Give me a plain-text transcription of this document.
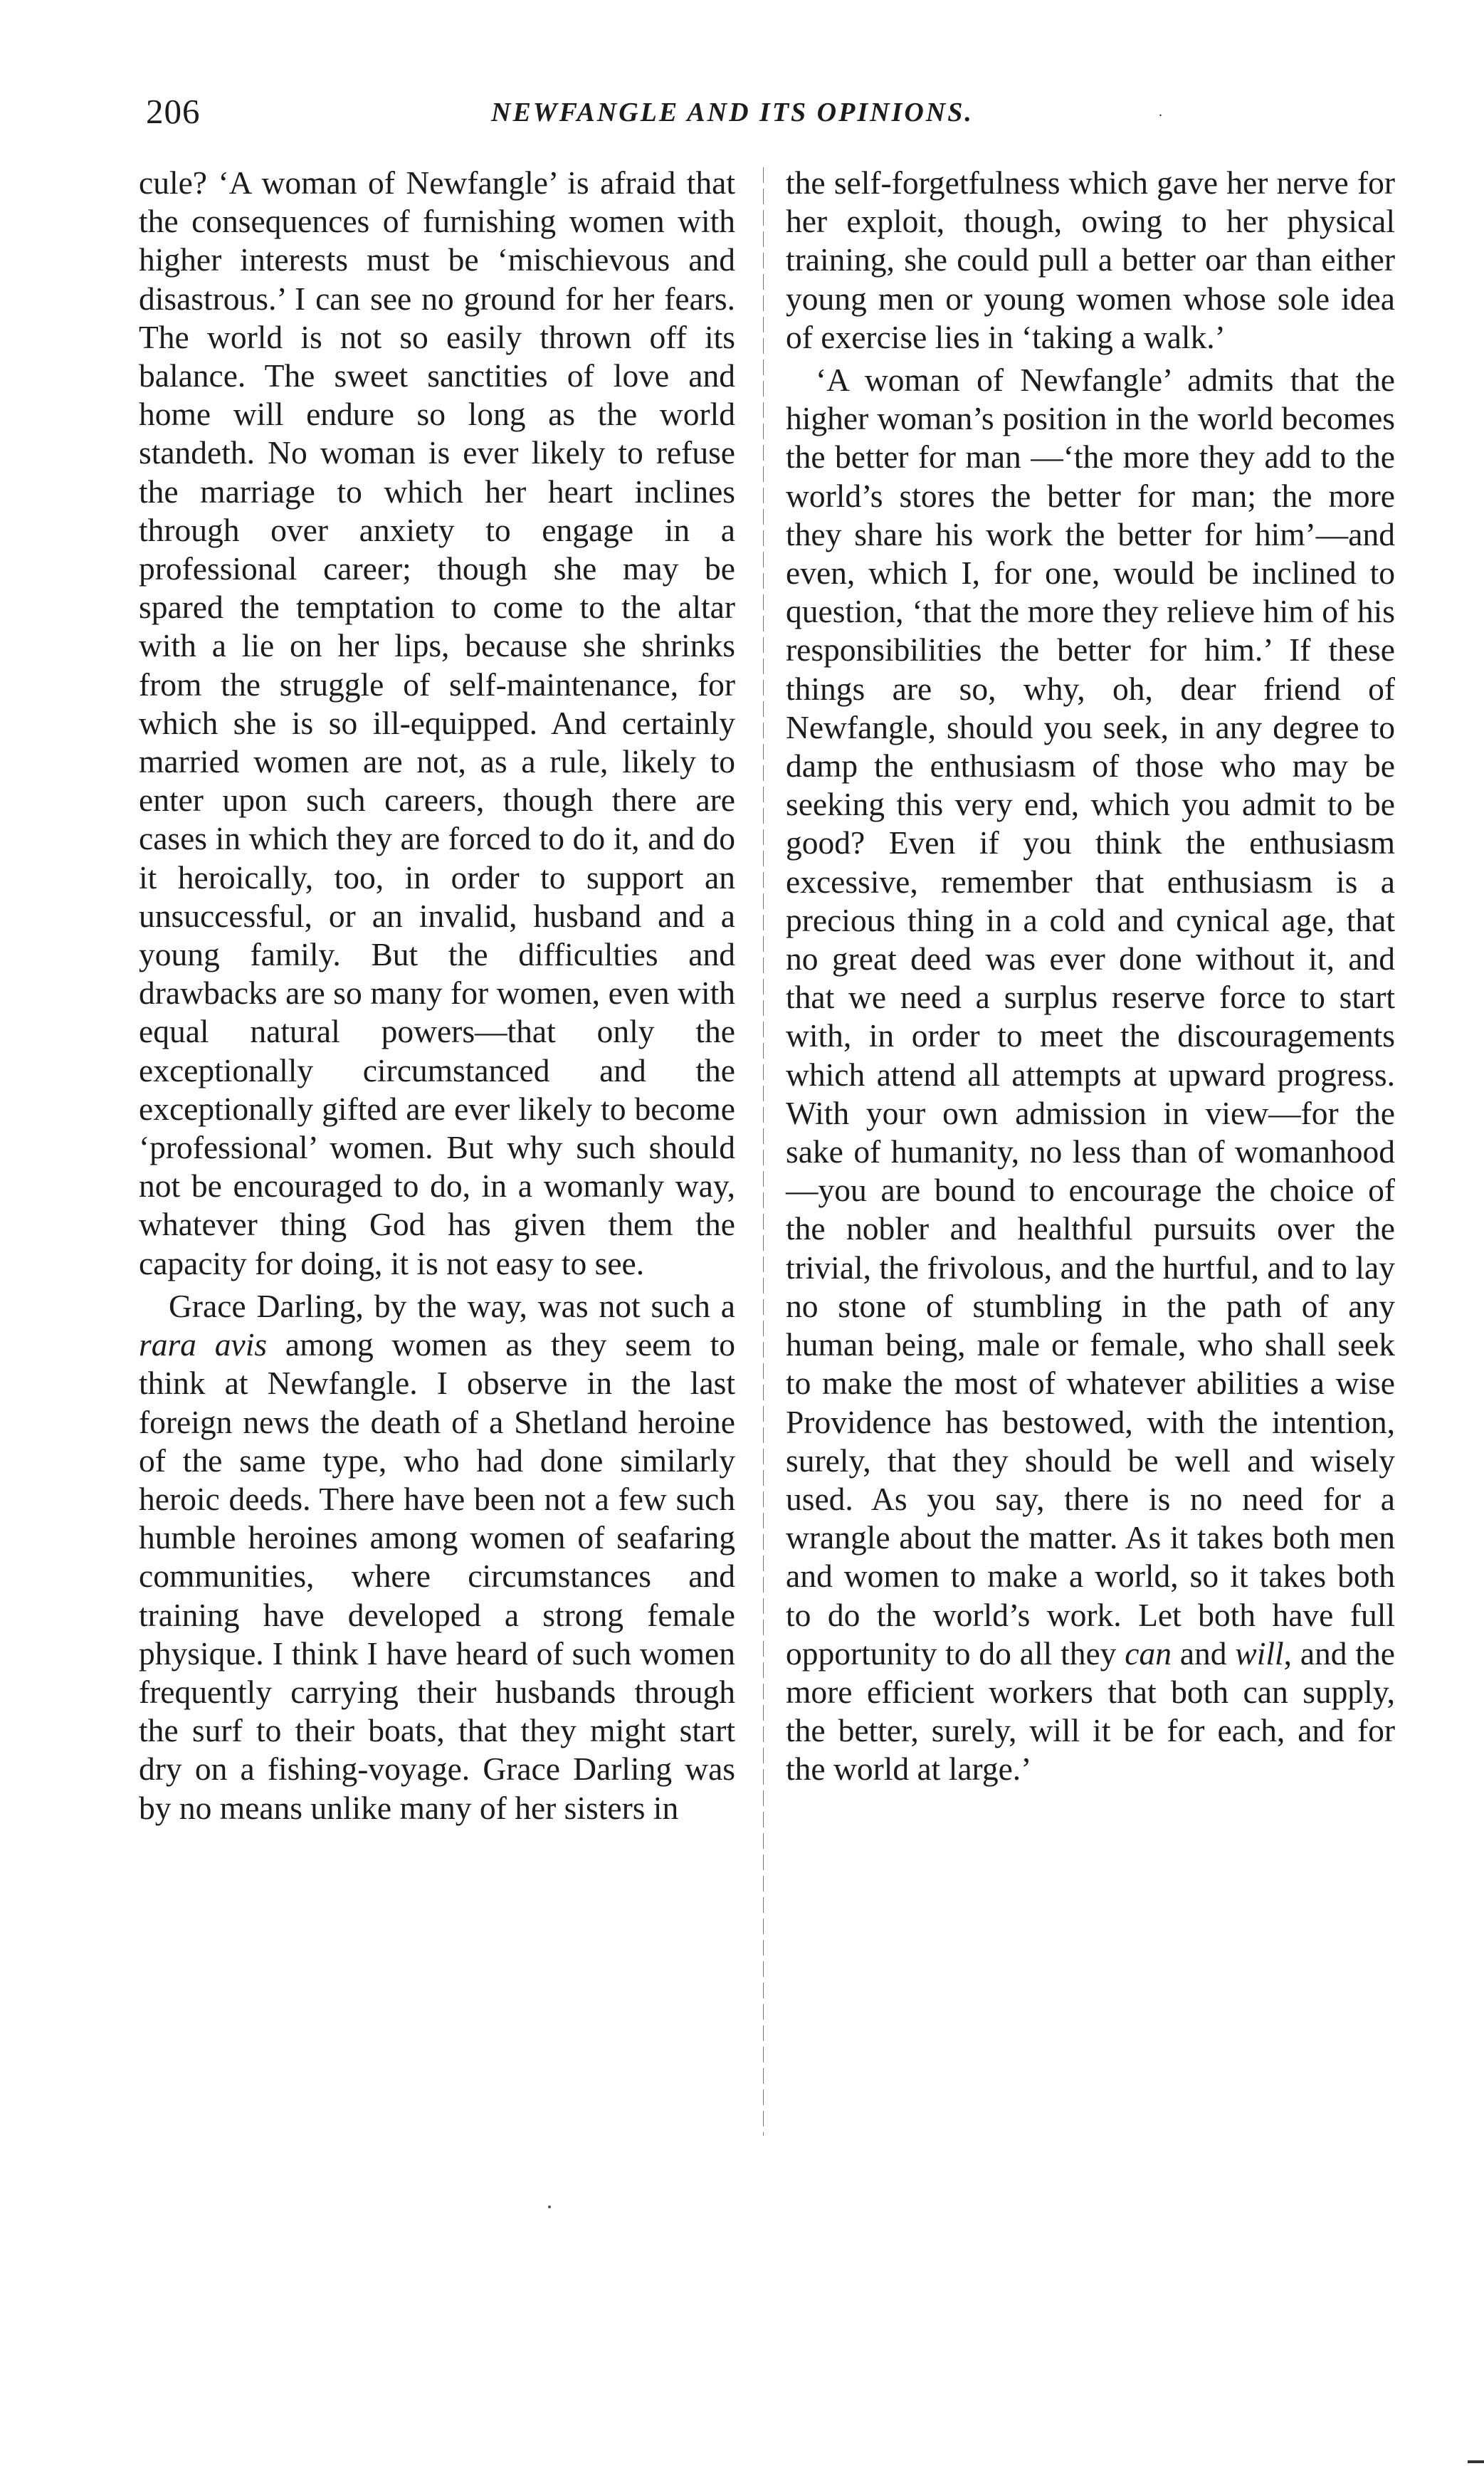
206	NEWFANGLE AND ITS OPINIONS.	.

cule? ‘A woman of Newfangle’ is afraid that the consequences of furnishing women with higher interests must be ‘mischievous and disastrous.’ I can see no ground for her fears. The world is not so easily thrown off its balance. The sweet sanctities of love and home will endure so long as the world standeth. No woman is ever likely to refuse the marriage to which her heart inclines through over anxiety to engage in a professional career; though she may be spared the temptation to come to the altar with a lie on her lips, because she shrinks from the struggle of self-maintenance, for which she is so ill-equipped. And certainly married women are not, as a rule, likely to enter upon such careers, though there are cases in which they are forced to do it, and do it heroically, too, in order to support an unsuccessful, or an invalid, husband and a young family. But the difficulties and drawbacks are so many for women, even with equal natural powers—that only the exceptionally circumstanced and the exceptionally gifted are ever likely to become ‘professional’ women. But why such should not be encouraged to do, in a womanly way, whatever thing God has given them the capacity for doing, it is not easy to see.

Grace Darling, by the way, was not such a rara avis among women as they seem to think at Newfangle. I observe in the last foreign news the death of a Shetland heroine of the same type, who had done similarly heroic deeds. There have been not a few such humble heroines among women of seafaring communities, where circumstances and training have developed a strong female physique. I think I have heard of such women frequently carrying their husbands through the surf to their boats, that they might start dry on a fishing-voyage. Grace Darling was by no means unlike many of her sisters in

the self-forgetfulness which gave her nerve for her exploit, though, owing to her physical training, she could pull a better oar than either young men or young women whose sole idea of exercise lies in ‘taking a walk.’

‘A woman of Newfangle’ admits that the higher woman’s position in the world becomes the better for man —‘the more they add to the world’s stores the better for man; the more they share his work the better for him’—and even, which I, for one, would be inclined to question, ‘that the more they relieve him of his responsibilities the better for him.’ If these things are so, why, oh, dear friend of Newfangle, should you seek, in any degree to damp the enthusiasm of those who may be seeking this very end, which you admit to be good? Even if you think the enthusiasm excessive, remember that enthusiasm is a precious thing in a cold and cynical age, that no great deed was ever done without it, and that we need a surplus reserve force to start with, in order to meet the discouragements which attend all attempts at upward progress. With your own admission in view—for the sake of humanity, no less than of womanhood—you are bound to encourage the choice of the nobler and healthful pursuits over the trivial, the frivolous, and the hurtful, and to lay no stone of stumbling in the path of any human being, male or female, who shall seek to make the most of whatever abilities a wise Providence has bestowed, with the intention, surely, that they should be well and wisely used. As you say, there is no need for a wrangle about the matter. As it takes both men and women to make a world, so it takes both to do the world’s work. Let both have full opportunity to do all they can and will, and the more efficient workers that both can supply, the better, surely, will it be for each, and for the world at large.’
